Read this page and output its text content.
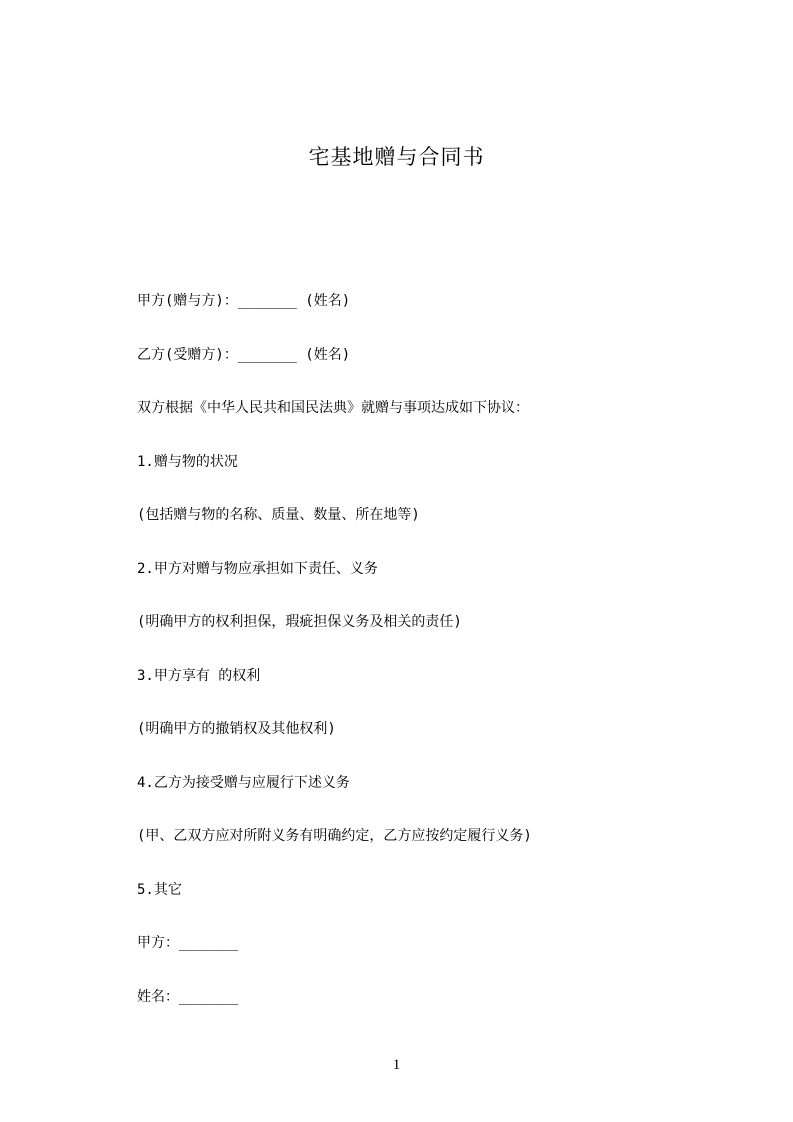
宅基地赠与合同书
甲方(赠与方)：_______ (姓名)
乙方(受赠方)：_______ (姓名)
双方根据《中华人民共和国民法典》就赠与事项达成如下协议：
1.赠与物的状况
(包括赠与物的名称、质量、数量、所在地等)
2.甲方对赠与物应承担如下责任、义务
(明确甲方的权利担保，瑕疵担保义务及相关的责任)
3.甲方享有 的权利
(明确甲方的撤销权及其他权利)
4.乙方为接受赠与应履行下述义务
(甲、乙双方应对所附义务有明确约定，乙方应按约定履行义务)
5.其它
甲方：_______
姓名：_______
1
